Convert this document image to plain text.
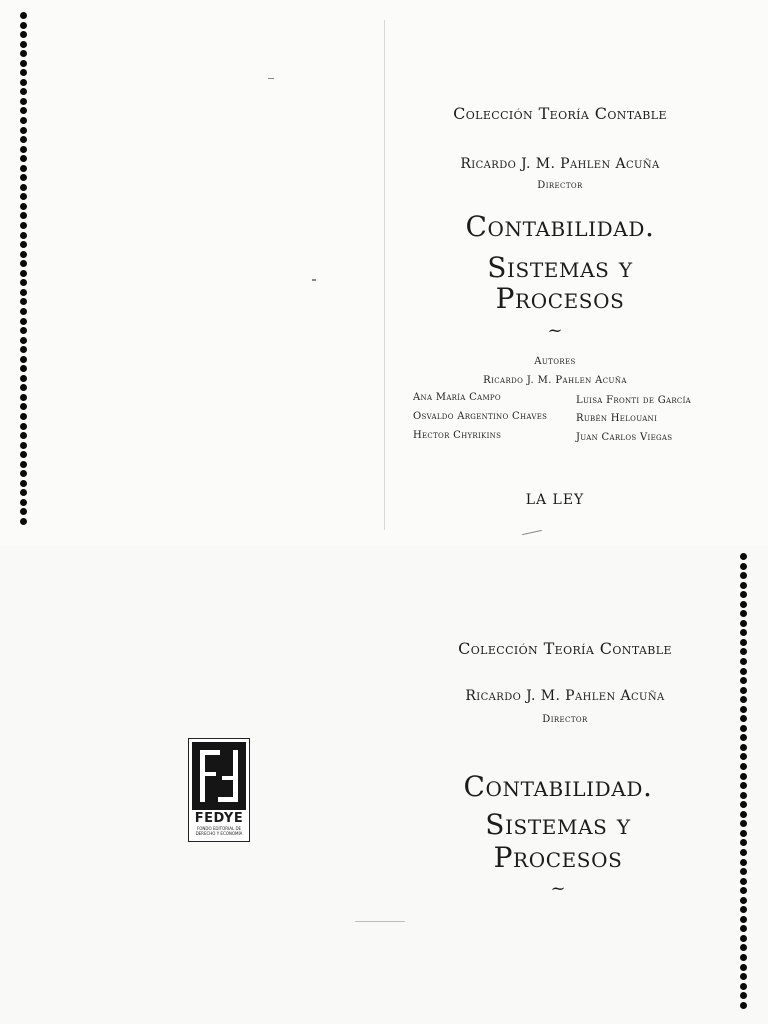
Colección Teoría Contable
Ricardo J. M. Pahlen Acuña
Director
Contabilidad.
Sistemas y
Procesos
~
Autores
Ricardo J. M. Pahlen Acuña
Ana María Campo
Osvaldo Argentino Chaves
Hector Chyrikins
Luisa Fronti de García
Rubén Helouani
Juan Carlos Viegas
LA LEY
Colección Teoría Contable
Ricardo J. M. Pahlen Acuña
Director
Contabilidad.
Sistemas y
Procesos
~
FEDYE
FONDO EDITORIAL DE DERECHO Y ECONOMÍA
